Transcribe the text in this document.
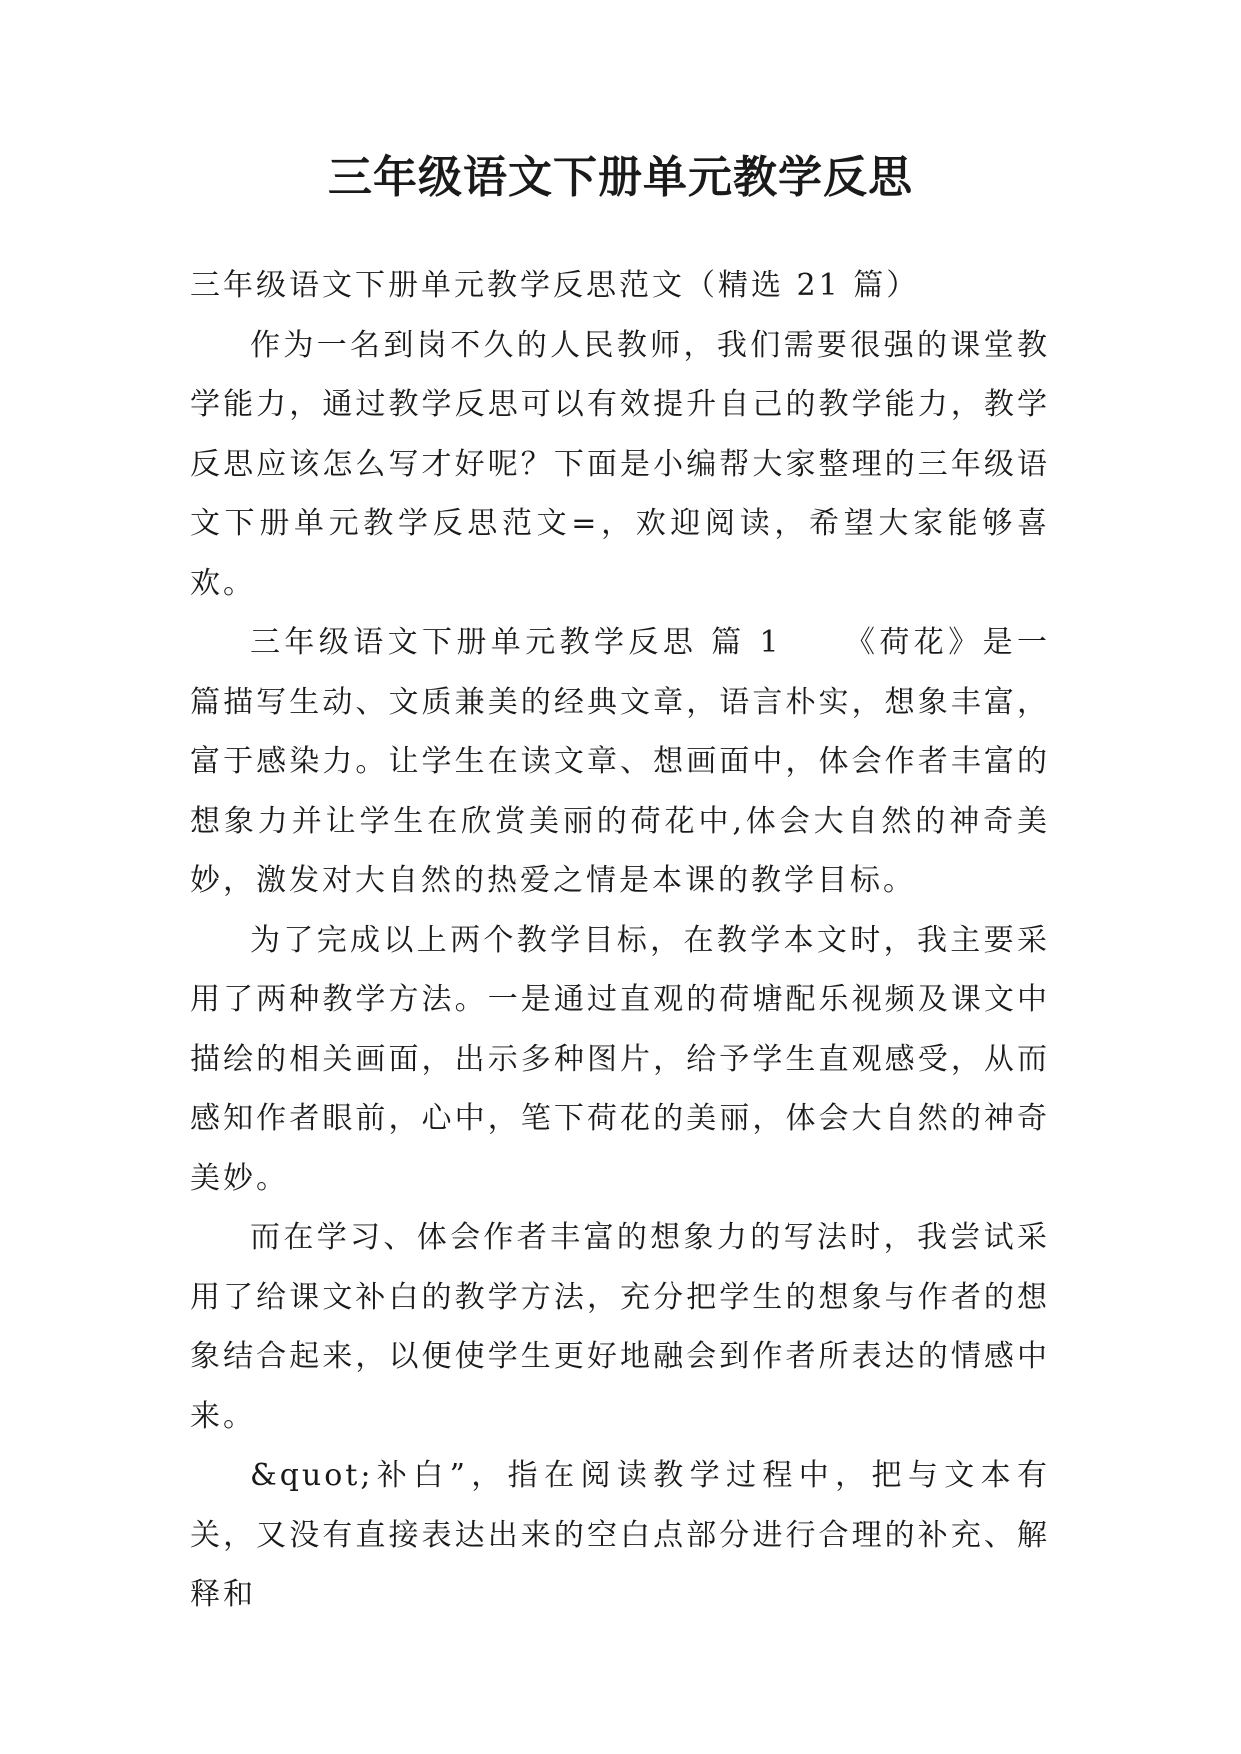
三年级语文下册单元教学反思

三年级语文下册单元教学反思范文（精选 21 篇）

作为一名到岗不久的人民教师，我们需要很强的课堂教学能力，通过教学反思可以有效提升自己的教学能力，教学反思应该怎么写才好呢？下面是小编帮大家整理的三年级语文下册单元教学反思范文=，欢迎阅读，希望大家能够喜欢。

三年级语文下册单元教学反思 篇 1 《荷花》是一篇描写生动、文质兼美的经典文章，语言朴实，想象丰富，富于感染力。让学生在读文章、想画面中，体会作者丰富的想象力并让学生在欣赏美丽的荷花中,体会大自然的神奇美妙，激发对大自然的热爱之情是本课的教学目标。

为了完成以上两个教学目标，在教学本文时，我主要采用了两种教学方法。一是通过直观的荷塘配乐视频及课文中描绘的相关画面，出示多种图片，给予学生直观感受，从而感知作者眼前，心中，笔下荷花的美丽，体会大自然的神奇美妙。

而在学习、体会作者丰富的想象力的写法时，我尝试采用了给课文补白的教学方法，充分把学生的想象与作者的想象结合起来，以便使学生更好地融会到作者所表达的情感中来。

&quot;补白”，指在阅读教学过程中，把与文本有关，又没有直接表达出来的空白点部分进行合理的补充、解释和
